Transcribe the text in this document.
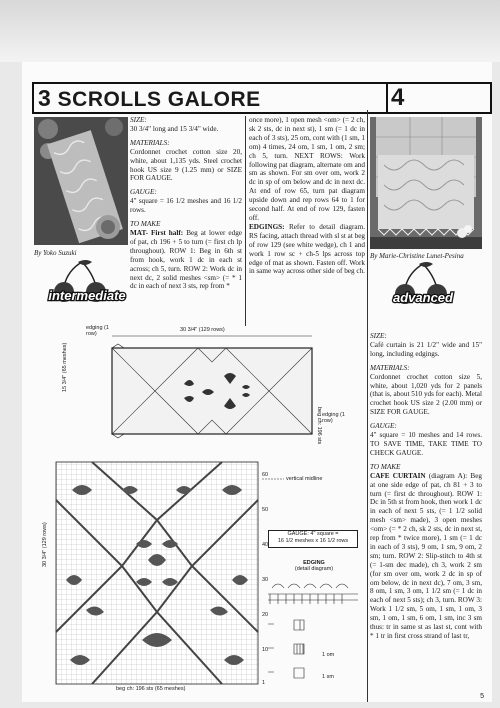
3 SCROLLS GALORE	4
By Yoko Suzuki
intermediate

SIZE:

30 3/4" long and 15 3/4" wide.

MATERIALS:

Cordonnet crochet cotton size 20, white, about 1,135 yds. Steel crochet hook US size 9 (1.25 mm) or SIZE FOR GAUGE.

GAUGE:

4" square = 16 1/2 meshes and 16 1/2 rows.

TO MAKE

MAT- First half: Beg at lower edge of pat, ch 196 + 5 to turn (= first ch lp throughout). ROW 1: Beg in 6th st from hook, work 1 dc in each st across; ch 5, turn. ROW 2: Work dc in next dc, 2 solid meshes <sm> (= * 1 dc in each of next 3 sts, rep from *

once more), 1 open mesh <om> (= 2 ch, sk 2 sts, dc in next st), 1 sm (= 1 dc in each of 3 sts), 25 om, cont with (1 sm, 1 om) 4 times, 24 om, 1 sm, 1 om, 2 sm; ch 5, turn. NEXT ROWS: Work following pat diagram, alternate om and sm as shown. For sm over om, work 2 dc in sp of om below and dc in next dc. At end of row 65, turn pat diagram upside down and rep rows 64 to 1 for second half. At end of row 129, fasten off.

EDGINGS: Refer to detail diagram. RS facing, attach thread with sl st at beg of row 129 (see white wedge), ch 1 and work 1 row sc + ch-5 lps across top edge of mat as shown. Fasten off. Work in same way across other side of beg ch.

By Marie-Christine Lunet-Pesina
advanced

SIZE:

Café curtain is 21 1/2" wide and 15" long, including edgings.

MATERIALS:

Cordonnet crochet cotton size 5, white, about 1,020 yds for 2 panels (that is, about 510 yds for each). Metal crochet hook US size 2 (2.00 mm) or SIZE FOR GAUGE.

GAUGE:

4" square = 10 meshes and 14 rows. TO SAVE TIME, TAKE TIME TO CHECK GAUGE.

TO MAKE

CAFE CURTAIN (diagram A): Beg at one side edge of pat, ch 81 + 3 to turn (= first dc throughout). ROW 1: Dc in 5th st from hook, then work 1 dc in each of next 5 sts, (= 1 1/2 solid mesh <sm> made), 3 open meshes <om> (= * 2 ch, sk 2 sts, dc in next st, rep from * twice more), 1 sm (= 1 dc in each of 3 sts), 9 om, 1 sm, 9 om, 2 sm; turn. ROW 2: Slip-stitch to 4th st (= 1-sm dec made), ch 3, work 2 sm (for sm over om, work 2 dc in sp of om below, dc in next dc), 7 om, 3 sm, 8 om, 1 sm, 3 om, 1 1/2 sm (= 1 dc in each of next 5 sts); ch 3, turn. ROW 3: Work 1 1/2 sm, 5 om, 1 sm, 1 om, 3 sm, 1 om, 1 sm, 6 om, 1 sm, inc 3 sm thus: tr in same st as last st, cont with * 1 tr in first cross strand of last tr,

edging (1 row)
30 3/4" (129 rows)
15 3/4" (65 meshes)
beg ch: 196 sts edging (1 row)
30 3/4" (129 rows)
60
50
40
30
20
10
1
vertical midline
GAUGE: 4" square =
16 1/2 meshes x 16 1/2 rows
EDGING
(detail diagram)
1 om
1 sm
beg ch: 196 sts (65 meshes)
5
